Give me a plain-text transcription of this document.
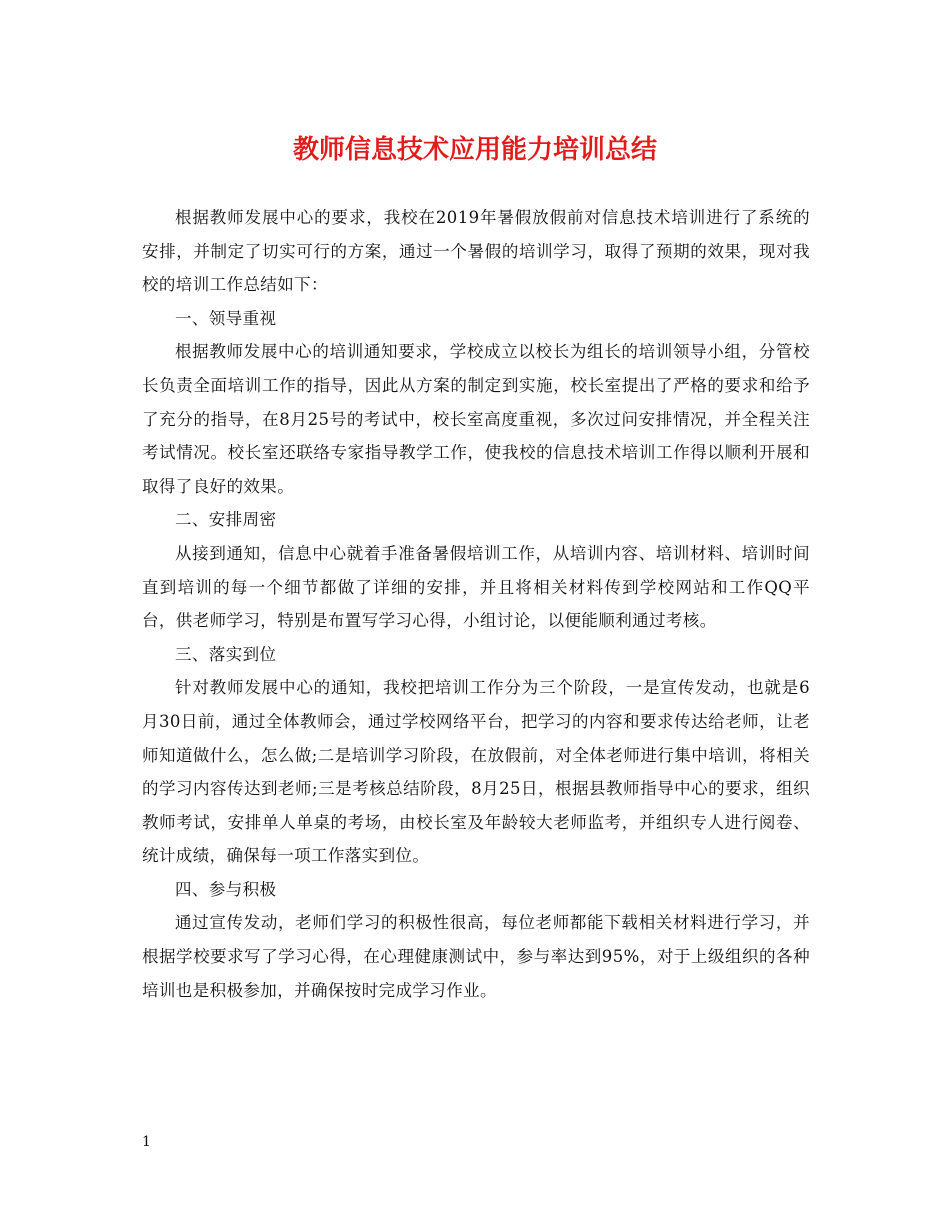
教师信息技术应用能力培训总结

根据教师发展中心的要求，我校在2019年暑假放假前对信息技术培训进行了系统的安排，并制定了切实可行的方案，通过一个暑假的培训学习，取得了预期的效果，现对我校的培训工作总结如下：

一、领导重视

根据教师发展中心的培训通知要求，学校成立以校长为组长的培训领导小组，分管校长负责全面培训工作的指导，因此从方案的制定到实施，校长室提出了严格的要求和给予了充分的指导，在8月25号的考试中，校长室高度重视，多次过问安排情况，并全程关注考试情况。校长室还联络专家指导教学工作，使我校的信息技术培训工作得以顺利开展和取得了良好的效果。

二、安排周密

从接到通知，信息中心就着手准备暑假培训工作，从培训内容、培训材料、培训时间直到培训的每一个细节都做了详细的安排，并且将相关材料传到学校网站和工作QQ平台，供老师学习，特别是布置写学习心得，小组讨论，以便能顺利通过考核。

三、落实到位

针对教师发展中心的通知，我校把培训工作分为三个阶段，一是宣传发动，也就是6月30日前，通过全体教师会，通过学校网络平台，把学习的内容和要求传达给老师，让老师知道做什么，怎么做;二是培训学习阶段，在放假前，对全体老师进行集中培训，将相关的学习内容传达到老师;三是考核总结阶段，8月25日，根据县教师指导中心的要求，组织教师考试，安排单人单桌的考场，由校长室及年龄较大老师监考，并组织专人进行阅卷、统计成绩，确保每一项工作落实到位。

四、参与积极

通过宣传发动，老师们学习的积极性很高，每位老师都能下载相关材料进行学习，并根据学校要求写了学习心得，在心理健康测试中，参与率达到95%，对于上级组织的各种培训也是积极参加，并确保按时完成学习作业。

1
